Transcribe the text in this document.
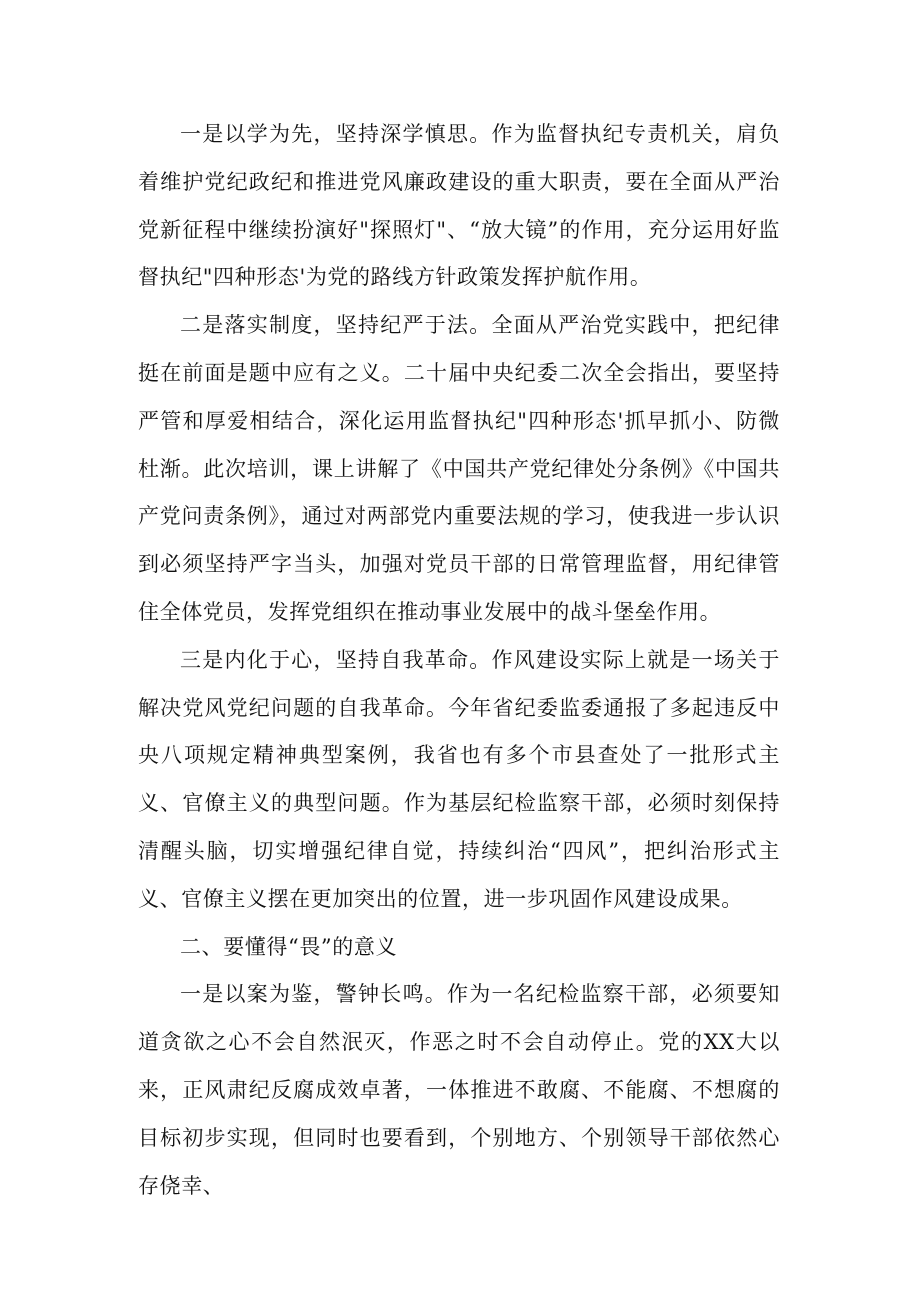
一是以学为先，坚持深学慎思。作为监督执纪专责机关，肩负着维护党纪政纪和推进党风廉政建设的重大职责，要在全面从严治党新征程中继续扮演好"探照灯"、“放大镜”的作用，充分运用好监督执纪"四种形态'为党的路线方针政策发挥护航作用。

二是落实制度，坚持纪严于法。全面从严治党实践中，把纪律挺在前面是题中应有之义。二十届中央纪委二次全会指出，要坚持严管和厚爱相结合，深化运用监督执纪"四种形态'抓早抓小、防微杜渐。此次培训，课上讲解了《中国共产党纪律处分条例》《中国共产党问责条例》，通过对两部党内重要法规的学习，使我进一步认识到必须坚持严字当头，加强对党员干部的日常管理监督，用纪律管住全体党员，发挥党组织在推动事业发展中的战斗堡垒作用。

三是内化于心，坚持自我革命。作风建设实际上就是一场关于解决党风党纪问题的自我革命。今年省纪委监委通报了多起违反中央八项规定精神典型案例，我省也有多个市县查处了一批形式主义、官僚主义的典型问题。作为基层纪检监察干部，必须时刻保持清醒头脑，切实增强纪律自觉，持续纠治“四风”，把纠治形式主义、官僚主义摆在更加突出的位置，进一步巩固作风建设成果。

二、要懂得“畏”的意义

一是以案为鉴，警钟长鸣。作为一名纪检监察干部，必须要知道贪欲之心不会自然泯灭，作恶之时不会自动停止。党的XX大以来，正风肃纪反腐成效卓著，一体推进不敢腐、不能腐、不想腐的目标初步实现，但同时也要看到，个别地方、个别领导干部依然心存侥幸、
